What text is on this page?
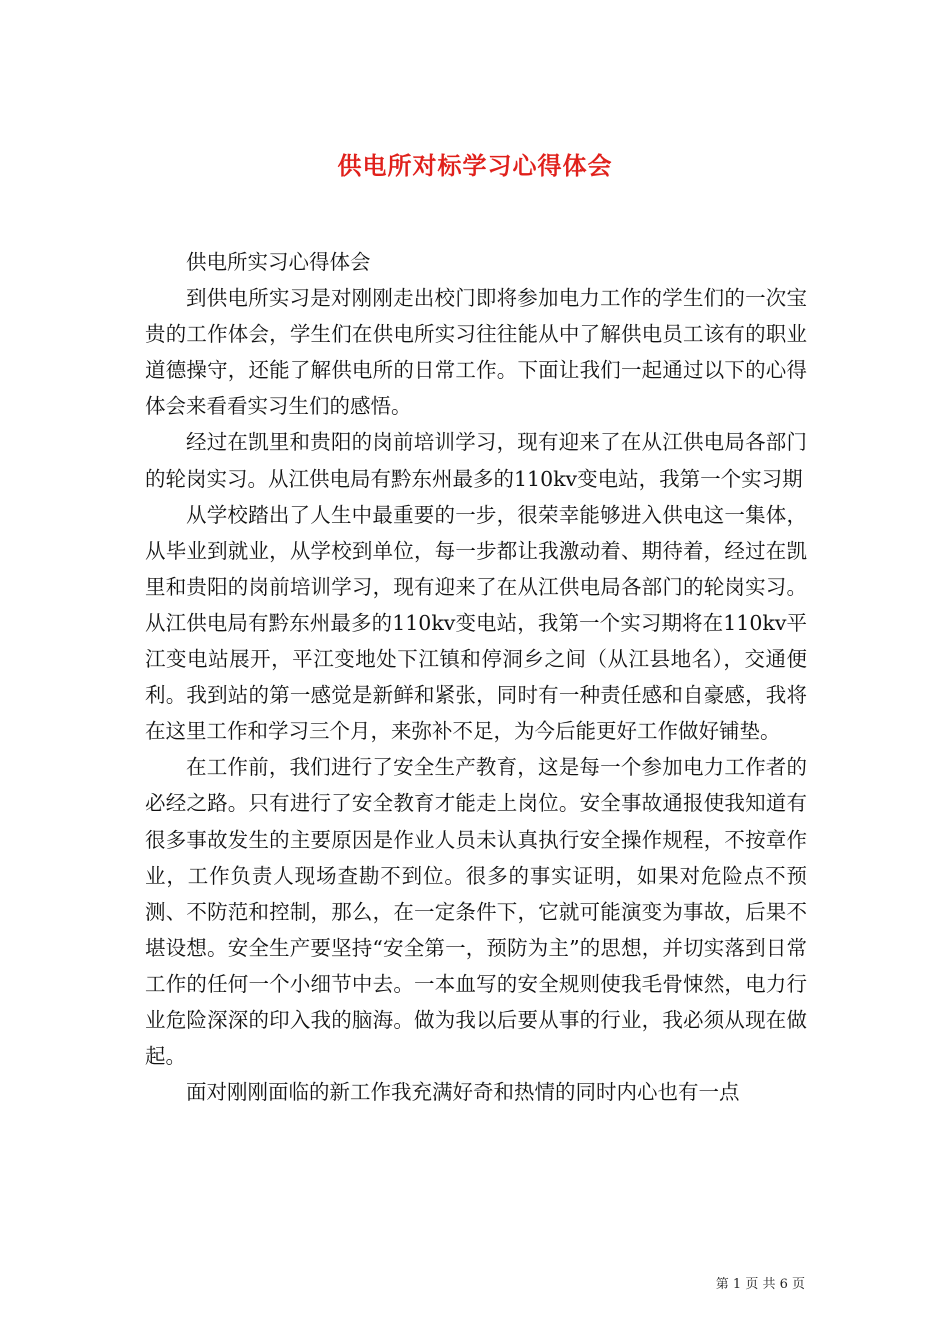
供电所对标学习心得体会

供电所实习心得体会

到供电所实习是对刚刚走出校门即将参加电力工作的学生们的一次宝贵的工作体会，学生们在供电所实习往往能从中了解供电员工该有的职业道德操守，还能了解供电所的日常工作。下面让我们一起通过以下的心得体会来看看实习生们的感悟。

经过在凯里和贵阳的岗前培训学习，现有迎来了在从江供电局各部门的轮岗实习。从江供电局有黔东州最多的110kv变电站，我第一个实习期

从学校踏出了人生中最重要的一步，很荣幸能够进入供电这一集体，从毕业到就业，从学校到单位，每一步都让我激动着、期待着，经过在凯里和贵阳的岗前培训学习，现有迎来了在从江供电局各部门的轮岗实习。从江供电局有黔东州最多的110kv变电站，我第一个实习期将在110kv平江变电站展开，平江变地处下江镇和停洞乡之间（从江县地名），交通便利。我到站的第一感觉是新鲜和紧张，同时有一种责任感和自豪感，我将在这里工作和学习三个月，来弥补不足，为今后能更好工作做好铺垫。

在工作前，我们进行了安全生产教育，这是每一个参加电力工作者的必经之路。只有进行了安全教育才能走上岗位。安全事故通报使我知道有很多事故发生的主要原因是作业人员未认真执行安全操作规程，不按章作业，工作负责人现场查勘不到位。很多的事实证明，如果对危险点不预测、不防范和控制，那么，在一定条件下，它就可能演变为事故，后果不堪设想。安全生产要坚持“安全第一，预防为主”的思想，并切实落到日常工作的任何一个小细节中去。一本血写的安全规则使我毛骨悚然，电力行业危险深深的印入我的脑海。做为我以后要从事的行业，我必须从现在做起。

面对刚刚面临的新工作我充满好奇和热情的同时内心也有一点

第 1 页 共 6 页
